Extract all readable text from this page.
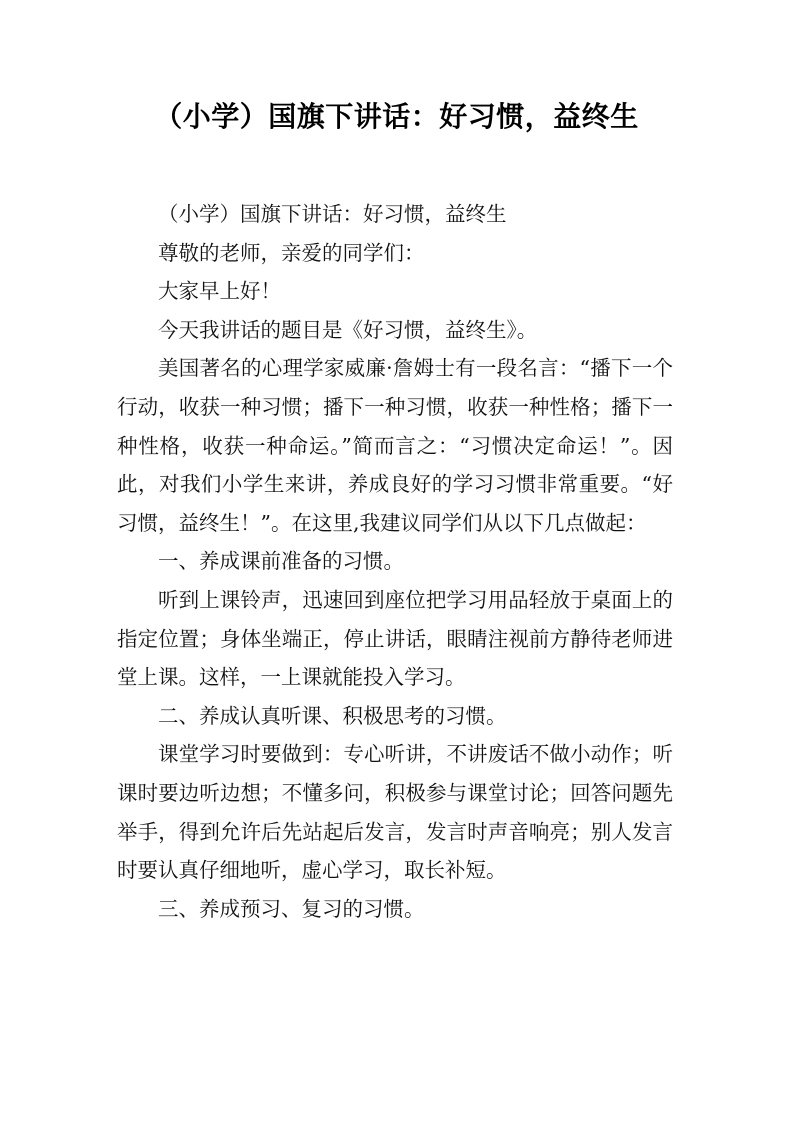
（小学）国旗下讲话：好习惯，益终生

（小学）国旗下讲话：好习惯，益终生

尊敬的老师，亲爱的同学们：

大家早上好！

今天我讲话的题目是《好习惯，益终生》。

美国著名的心理学家威廉·詹姆士有一段名言：“播下一个行动，收获一种习惯；播下一种习惯，收获一种性格；播下一种性格，收获一种命运。”简而言之：“习惯决定命运！”。因此，对我们小学生来讲，养成良好的学习习惯非常重要。“好习惯，益终生！”。在这里,我建议同学们从以下几点做起：

一、养成课前准备的习惯。

听到上课铃声，迅速回到座位把学习用品轻放于桌面上的指定位置；身体坐端正，停止讲话，眼睛注视前方静待老师进堂上课。这样，一上课就能投入学习。

二、养成认真听课、积极思考的习惯。

课堂学习时要做到：专心听讲，不讲废话不做小动作；听课时要边听边想；不懂多问，积极参与课堂讨论；回答问题先举手，得到允许后先站起后发言，发言时声音响亮；别人发言时要认真仔细地听，虚心学习，取长补短。

三、养成预习、复习的习惯。
